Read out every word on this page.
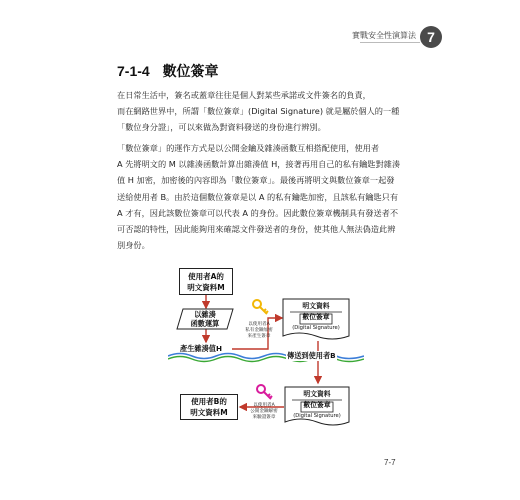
實戰安全性演算法 7
7-1-4 數位簽章

在日常生活中，簽名或蓋章往往是個人對某些承諾或文件簽名的負責，

而在網路世界中，所謂「數位簽章」(Digital Signature) 就是屬於個人的一種

「數位身分證」，可以來做為對資料發送的身份進行辨別。

「數位簽章」的運作方式是以公開金鑰及雜湊函數互相搭配使用，使用者

A 先將明文的 M 以雜湊函數計算出雜湊值 H，接著再用自己的私有鑰匙對雜湊

值 H 加密，加密後的內容即為「數位簽章」。最後再將明文與數位簽章一起發

送給使用者 B。由於這個數位簽章是以 A 的私有鑰匙加密，且該私有鑰匙只有

A 才有，因此該數位簽章可以代表 A 的身份。因此數位簽章機制具有發送者不

可否認的特性，因此能夠用來確認文件發送者的身份，使其他人無法偽造此辨

別身份。

使用者A的
明文資料M
以雜湊
函數運算
產生雜湊值H
以使用者A
私有金鑰加密
來產生簽章
明文資料
數位簽章
(Digital Signature)
傳送到使用者B
使用者B的
明文資料M
以使用者A
公開金鑰解密
來驗證簽章
明文資料
數位簽章
(Digital Signature)
7-7
